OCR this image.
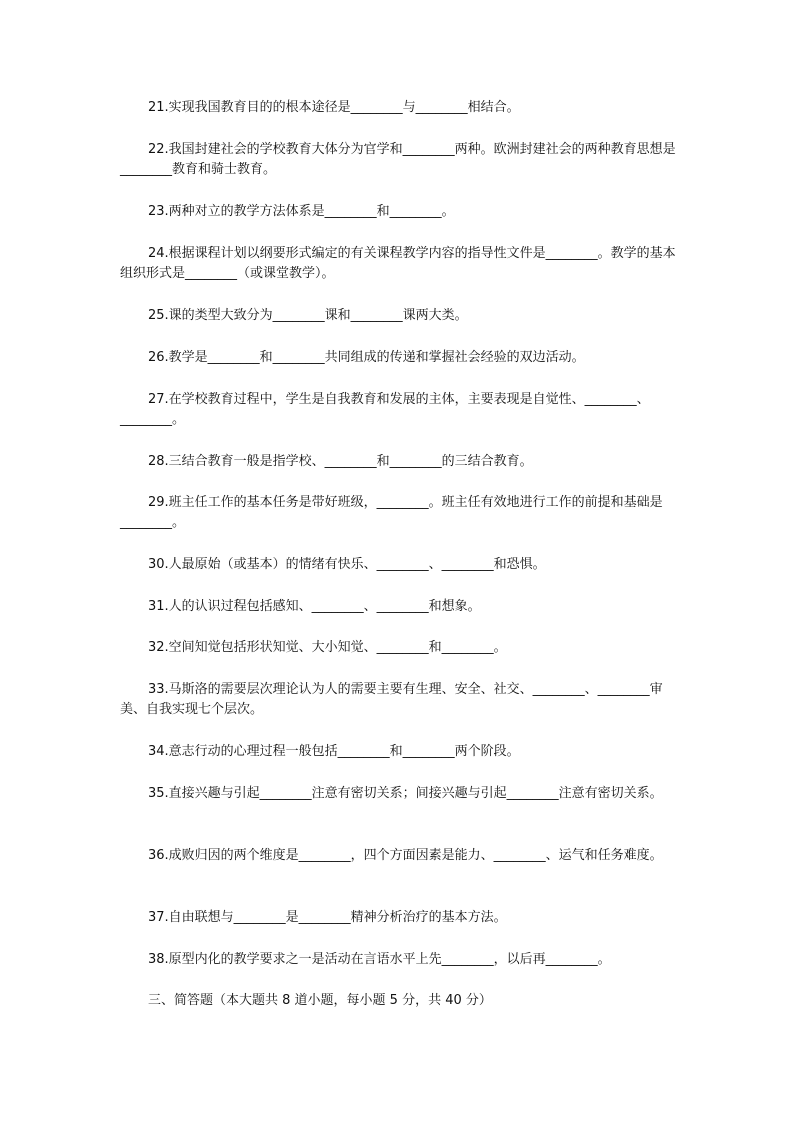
21.实现我国教育目的的根本途径是________与________相结合。

22.我国封建社会的学校教育大体分为官学和________两种。欧洲封建社会的两种教育思想是________教育和骑士教育。

23.两种对立的教学方法体系是________和________。

24.根据课程计划以纲要形式编定的有关课程教学内容的指导性文件是________。教学的基本组织形式是________（或课堂教学）。

25.课的类型大致分为________课和________课两大类。

26.教学是________和________共同组成的传递和掌握社会经验的双边活动。

27.在学校教育过程中，学生是自我教育和发展的主体，主要表现是自觉性、________、________。

28.三结合教育一般是指学校、________和________的三结合教育。

29.班主任工作的基本任务是带好班级，________。班主任有效地进行工作的前提和基础是________。

30.人最原始（或基本）的情绪有快乐、________、________和恐惧。

31.人的认识过程包括感知、________、________和想象。

32.空间知觉包括形状知觉、大小知觉、________和________。

33.马斯洛的需要层次理论认为人的需要主要有生理、安全、社交、________、________审美、自我实现七个层次。

34.意志行动的心理过程一般包括________和________两个阶段。

35.直接兴趣与引起________注意有密切关系；间接兴趣与引起________注意有密切关系。

36.成败归因的两个维度是________，四个方面因素是能力、________、运气和任务难度。

37.自由联想与________是________精神分析治疗的基本方法。

38.原型内化的教学要求之一是活动在言语水平上先________，以后再________。

三、简答题（本大题共 8 道小题，每小题 5 分，共 40 分）
